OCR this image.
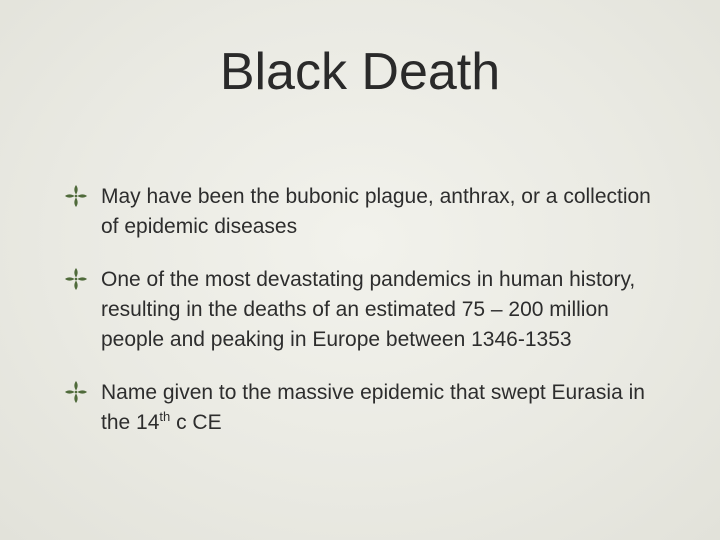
Black Death
May have been the bubonic plague, anthrax, or a collection of epidemic diseases
One of the most devastating pandemics in human history, resulting in the deaths of an estimated 75 – 200 million people and peaking in Europe between 1346-1353
Name given to the massive epidemic that swept Eurasia in the 14th c CE
